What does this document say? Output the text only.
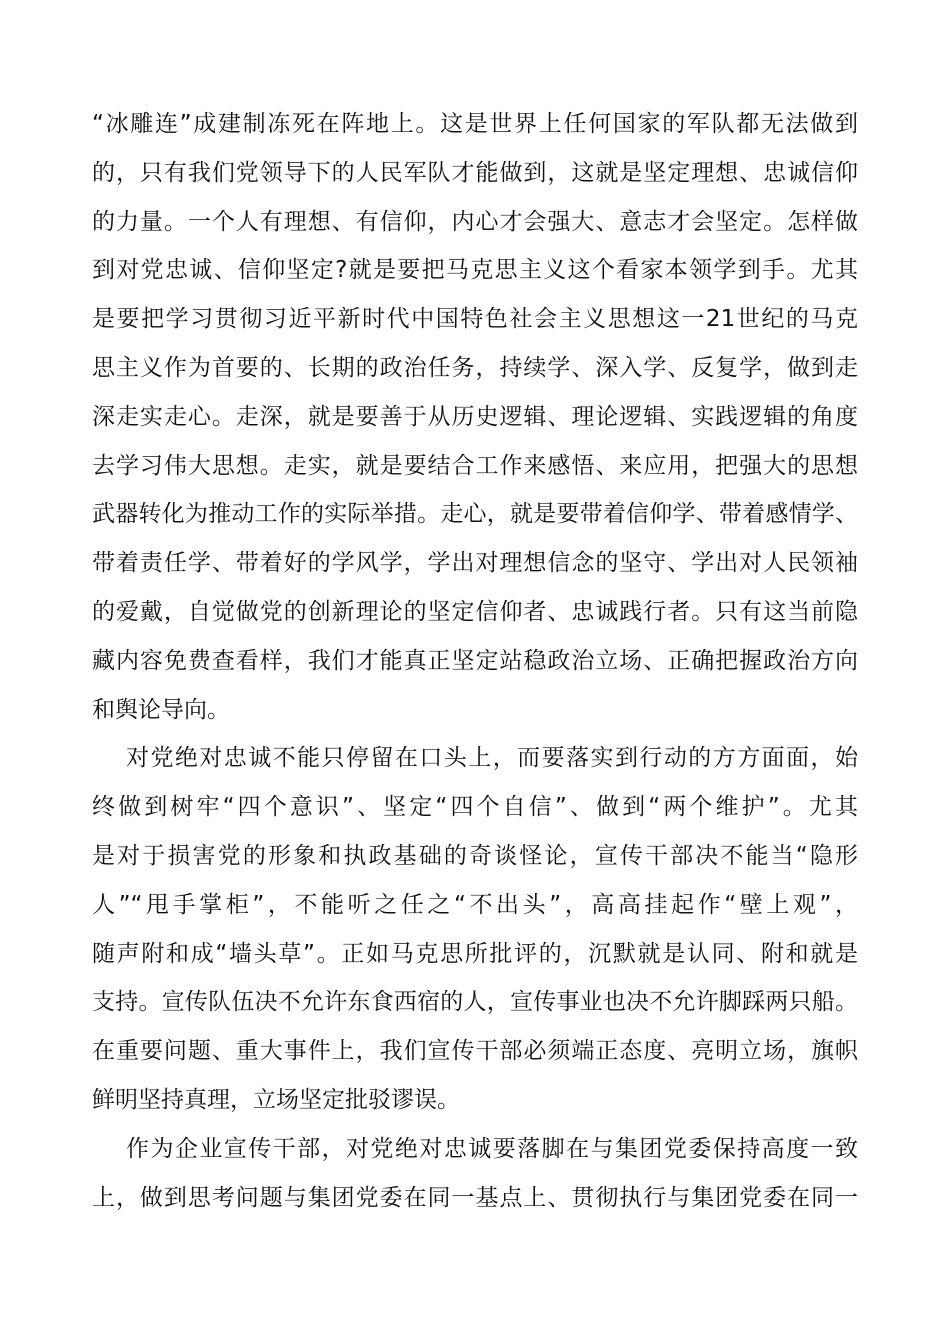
“冰雕连”成建制冻死在阵地上。这是世界上任何国家的军队都无法做到
的，只有我们党领导下的人民军队才能做到，这就是坚定理想、忠诚信仰
的力量。一个人有理想、有信仰，内心才会强大、意志才会坚定。怎样做
到对党忠诚、信仰坚定?就是要把马克思主义这个看家本领学到手。尤其
是要把学习贯彻习近平新时代中国特色社会主义思想这一21世纪的马克
思主义作为首要的、长期的政治任务，持续学、深入学、反复学，做到走
深走实走心。走深，就是要善于从历史逻辑、理论逻辑、实践逻辑的角度
去学习伟大思想。走实，就是要结合工作来感悟、来应用，把强大的思想
武器转化为推动工作的实际举措。走心，就是要带着信仰学、带着感情学、
带着责任学、带着好的学风学，学出对理想信念的坚守、学出对人民领袖
的爱戴，自觉做党的创新理论的坚定信仰者、忠诚践行者。只有这当前隐
藏内容免费查看样，我们才能真正坚定站稳政治立场、正确把握政治方向
和舆论导向。
对党绝对忠诚不能只停留在口头上，而要落实到行动的方方面面，始
终做到树牢“四个意识”、坚定“四个自信”、做到“两个维护”。尤其
是对于损害党的形象和执政基础的奇谈怪论，宣传干部决不能当“隐形
人”“甩手掌柜”，不能听之任之“不出头”，高高挂起作“壁上观”，
随声附和成“墙头草”。正如马克思所批评的，沉默就是认同、附和就是
支持。宣传队伍决不允许东食西宿的人，宣传事业也决不允许脚踩两只船。
在重要问题、重大事件上，我们宣传干部必须端正态度、亮明立场，旗帜
鲜明坚持真理，立场坚定批驳谬误。
作为企业宣传干部，对党绝对忠诚要落脚在与集团党委保持高度一致
上，做到思考问题与集团党委在同一基点上、贯彻执行与集团党委在同一
